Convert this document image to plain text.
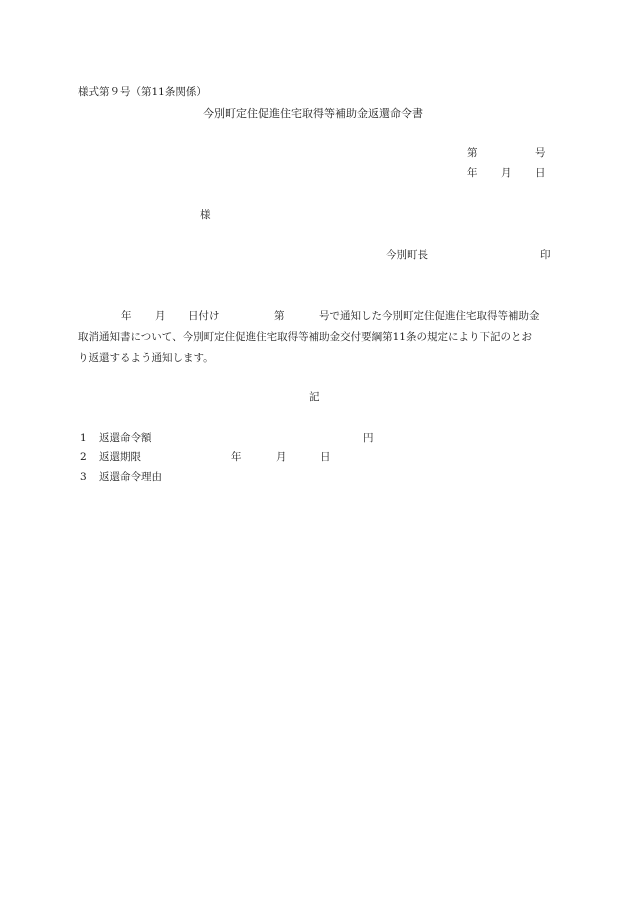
様式第９号（第11条関係）
今別町定住促進住宅取得等補助金返還命令書
第	号
年 月 日
様
今別町長	印
年 月 日付け	第	号で通知した今別町定住促進住宅取得等補助金
取消通知書について、今別町定住促進住宅取得等補助金交付要綱第11条の規定により下記のとお
り返還するよう通知します。
記
1 返還命令額	円
2 返還期限	年	月	日
3 返還命令理由
